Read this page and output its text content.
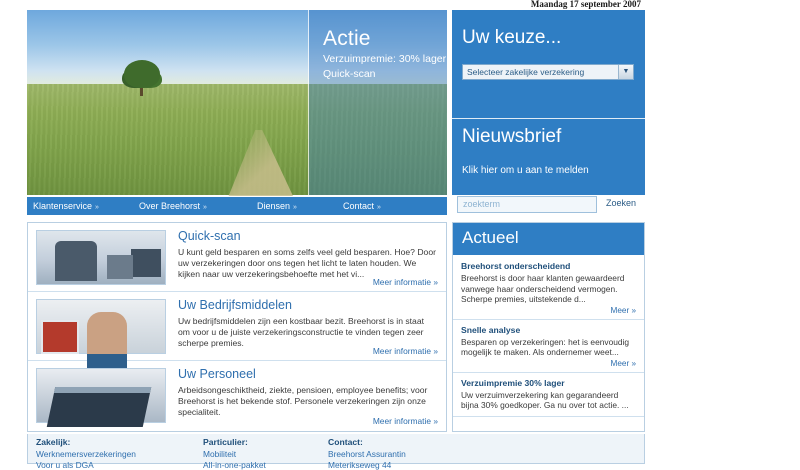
Maandag 17 september 2007
Actie
Verzuimpremie: 30% lager
Quick-scan
Uw keuze...
Selecteer zakelijke verzekering	▼
Nieuwsbrief
Klik hier om u aan te melden
Klantenservice »	Over Breehorst »	Diensen »	Contact »	zoekterm	Zoeken
Quick-scan
U kunt geld besparen en soms zelfs veel geld besparen. Hoe? Door uw verzekeringen door ons tegen het licht te laten houden. We kijken naar uw verzekeringsbehoefte met het vi...
Meer informatie »
Uw Bedrijfsmiddelen
Uw bedrijfsmiddelen zijn een kostbaar bezit. Breehorst is in staat om voor u de juiste verzekeringsconstructie te vinden tegen zeer scherpe premies.
Meer informatie »
Uw Personeel
Arbeidsongeschiktheid, ziekte, pensioen, employee benefits; voor Breehorst is het bekende stof. Personele verzekeringen zijn onze specialiteit.
Meer informatie »
Actueel
Breehorst onderscheidend
Breehorst is door haar klanten gewaardeerd vanwege haar onderscheidend vermogen. Scherpe premies, uitstekende d...
Meer »
Snelle analyse
Besparen op verzekeringen: het is eenvoudig mogelijk te maken. Als ondernemer weet...
Meer »
Verzuimpremie 30% lager
Uw verzuimverzekering kan gegarandeerd bijna 30% goedkoper. Ga nu over tot actie. ...
Zakelijk:
Werknemersverzekeringen
Voor u als DGA
Particulier:
Mobiliteit
All-in-one-pakket
Contact:
Breehorst Assurantin
Meterikseweg 44
